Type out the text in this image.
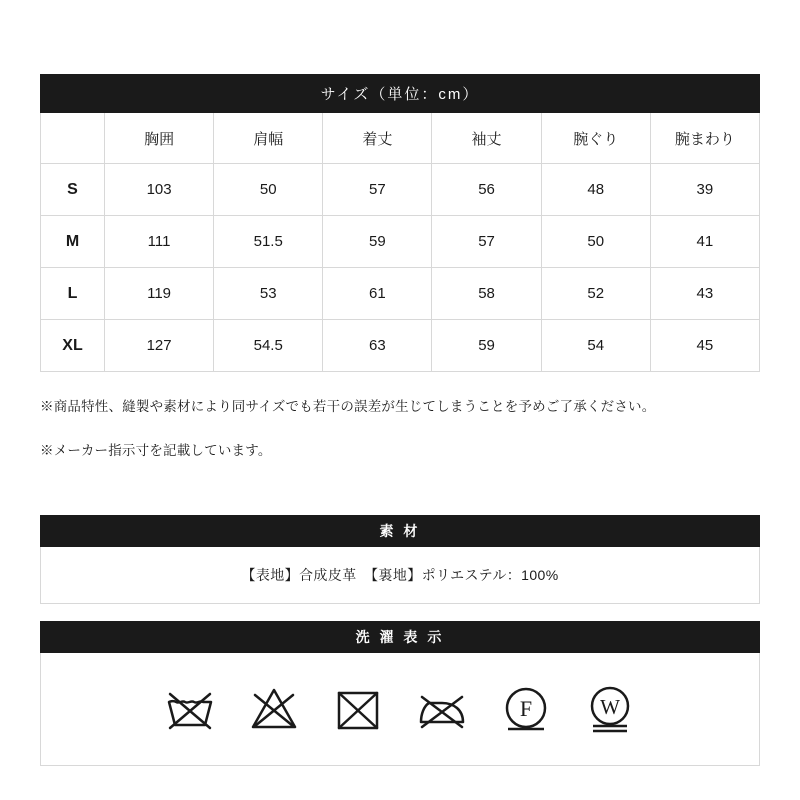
サイズ（単位：cm）						
	胸囲	肩幅	着丈	袖丈	腕ぐり	腕まわり
S	103	50	57	56	48	39
M	111	51.5	59	57	50	41
L	119	53	61	58	52	43
XL	127	54.5	63	59	54	45
※商品特性、縫製や素材により同サイズでも若干の誤差が生じてしまうことを予めご了承ください。
※メーカー指示寸を記載しています。
素 材
【表地】合成皮革　【裏地】ポリエステル：100%
洗 濯 表 示
F W
